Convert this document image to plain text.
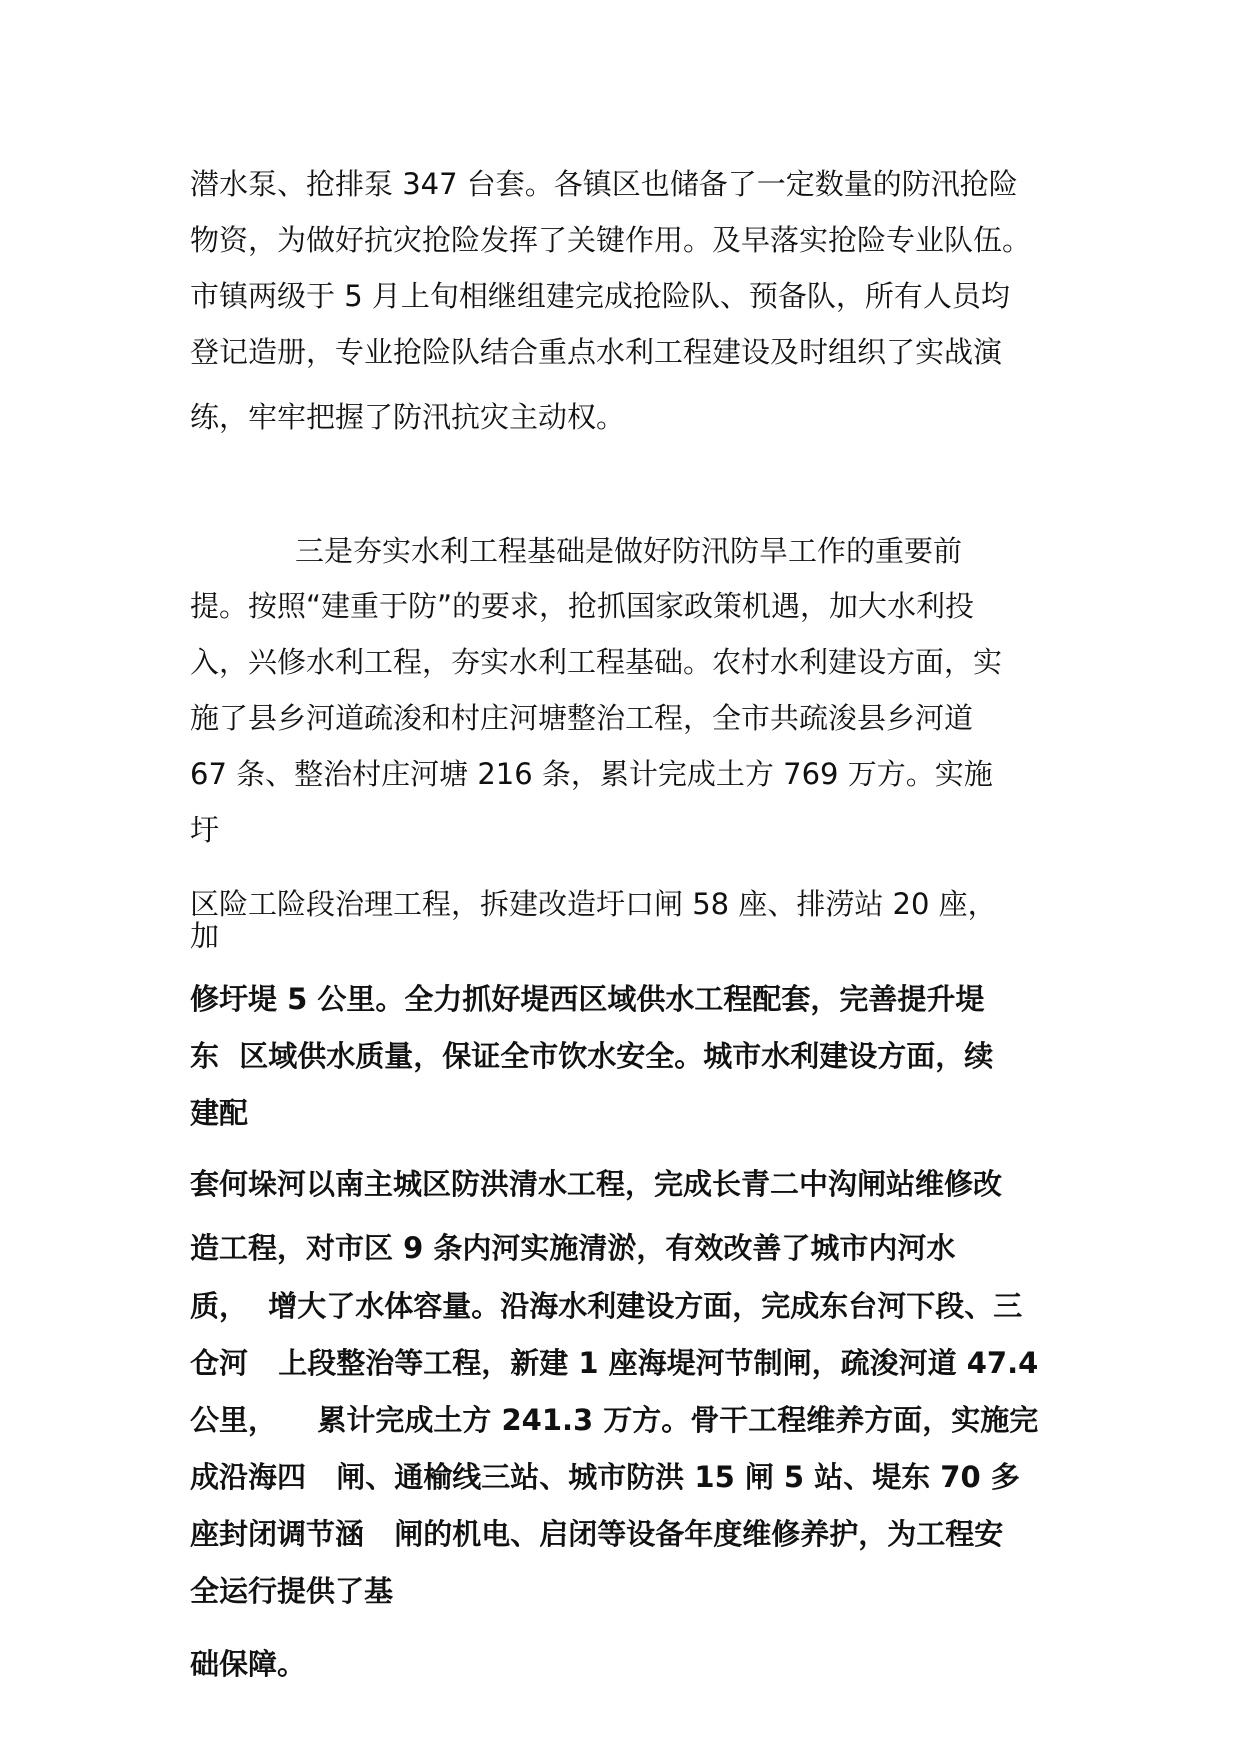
潜水泵、抢排泵 347 台套。各镇区也储备了一定数量的防汛抢险
物资，为做好抗灾抢险发挥了关键作用。及早落实抢险专业队伍。
市镇两级于 5 月上旬相继组建完成抢险队、预备队，所有人员均
登记造册，专业抢险队结合重点水利工程建设及时组织了实战演
练，牢牢把握了防汛抗灾主动权。
三是夯实水利工程基础是做好防汛防旱工作的重要前
提。按照“建重于防”的要求，抢抓国家政策机遇，加大水利投
入，兴修水利工程，夯实水利工程基础。农村水利建设方面，实
施了县乡河道疏浚和村庄河塘整治工程，全市共疏浚县乡河道
67 条、整治村庄河塘 216 条，累计完成土方 769 万方。实施
圩
区险工险段治理工程，拆建改造圩口闸 58 座、排涝站 20 座，
加
修圩堤 5 公里。全力抓好堤西区域供水工程配套，完善提升堤
东  区域供水质量，保证全市饮水安全。城市水利建设方面，续
建配
套何垛河以南主城区防洪清水工程，完成长青二中沟闸站维修改
造工程，对市区 9 条内河实施清淤，有效改善了城市内河水
质，  增大了水体容量。沿海水利建设方面，完成东台河下段、三
仓河   上段整治等工程，新建 1 座海堤河节制闸，疏浚河道 47.4
公里，    累计完成土方 241.3 万方。骨干工程维养方面，实施完
成沿海四   闸、通榆线三站、城市防洪 15 闸 5 站、堤东 70 多
座封闭调节涵   闸的机电、启闭等设备年度维修养护，为工程安
全运行提供了基
础保障。
